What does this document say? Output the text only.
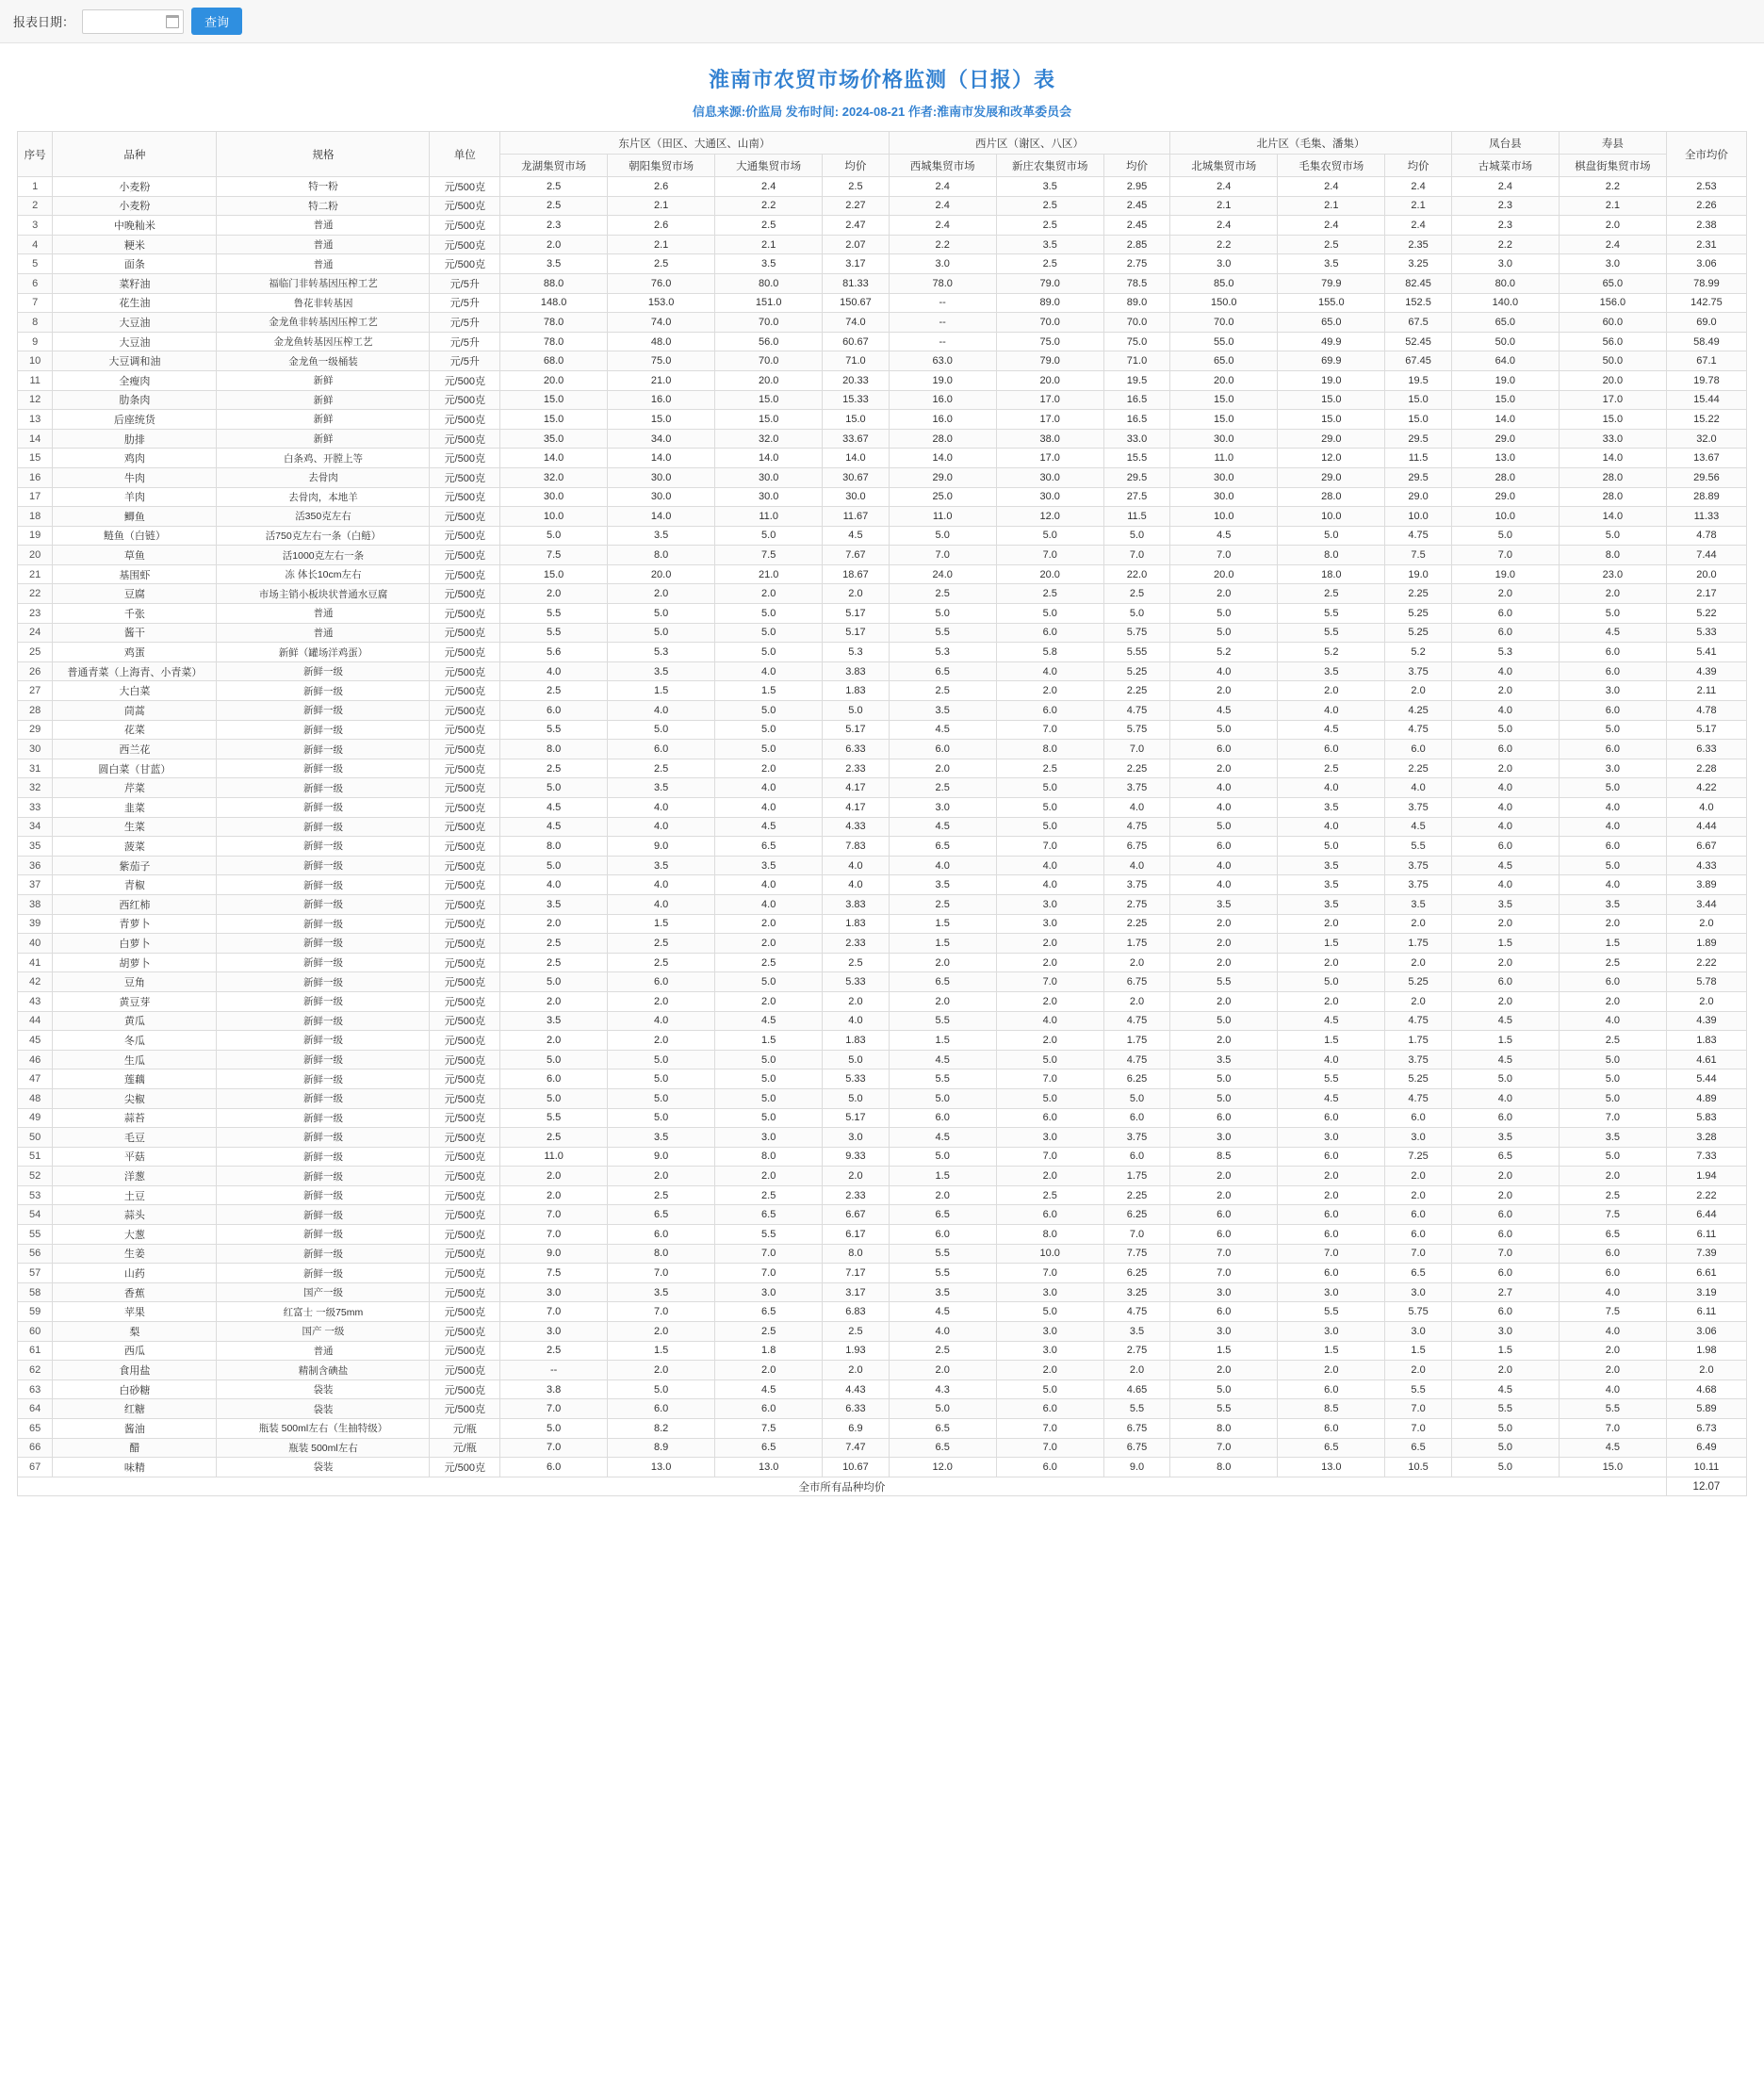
报表日期：	查询
淮南市农贸市场价格监测（日报）表
信息来源:价监局 发布时间: 2024-08-21 作者:淮南市发展和改革委员会
序号	品种	规格	单位	东片区（田区、大通区、山南）				西片区（谢区、八区）			北片区（毛集、潘集）			凤台县	寿县	全市均价
				龙湖集贸市场	朝阳集贸市场	大通集贸市场	均价	西城集贸市场	新庄农集贸市场	均价	北城集贸市场	毛集农贸市场	均价	古城菜市场	棋盘街集贸市场	
1	小麦粉	特一粉	元/500克	2.5	2.6	2.4	2.5	2.4	3.5	2.95	2.4	2.4	2.4	2.4	2.2	2.53
2	小麦粉	特二粉	元/500克	2.5	2.1	2.2	2.27	2.4	2.5	2.45	2.1	2.1	2.1	2.3	2.1	2.26
3	中晚籼米	普通	元/500克	2.3	2.6	2.5	2.47	2.4	2.5	2.45	2.4	2.4	2.4	2.3	2.0	2.38
4	粳米	普通	元/500克	2.0	2.1	2.1	2.07	2.2	3.5	2.85	2.2	2.5	2.35	2.2	2.4	2.31
5	面条	普通	元/500克	3.5	2.5	3.5	3.17	3.0	2.5	2.75	3.0	3.5	3.25	3.0	3.0	3.06
6	菜籽油	福临门非转基因压榨工艺	元/5升	88.0	76.0	80.0	81.33	78.0	79.0	78.5	85.0	79.9	82.45	80.0	65.0	78.99
7	花生油	鲁花非转基因	元/5升	148.0	153.0	151.0	150.67	--	89.0	89.0	150.0	155.0	152.5	140.0	156.0	142.75
8	大豆油	金龙鱼非转基因压榨工艺	元/5升	78.0	74.0	70.0	74.0	--	70.0	70.0	70.0	65.0	67.5	65.0	60.0	69.0
9	大豆油	金龙鱼转基因压榨工艺	元/5升	78.0	48.0	56.0	60.67	--	75.0	75.0	55.0	49.9	52.45	50.0	56.0	58.49
10	大豆调和油	金龙鱼一级桶装	元/5升	68.0	75.0	70.0	71.0	63.0	79.0	71.0	65.0	69.9	67.45	64.0	50.0	67.1
11	全瘦肉	新鲜	元/500克	20.0	21.0	20.0	20.33	19.0	20.0	19.5	20.0	19.0	19.5	19.0	20.0	19.78
12	肋条肉	新鲜	元/500克	15.0	16.0	15.0	15.33	16.0	17.0	16.5	15.0	15.0	15.0	15.0	17.0	15.44
13	后座统货	新鲜	元/500克	15.0	15.0	15.0	15.0	16.0	17.0	16.5	15.0	15.0	15.0	14.0	15.0	15.22
14	肋排	新鲜	元/500克	35.0	34.0	32.0	33.67	28.0	38.0	33.0	30.0	29.0	29.5	29.0	33.0	32.0
15	鸡肉	白条鸡、开膛上等	元/500克	14.0	14.0	14.0	14.0	14.0	17.0	15.5	11.0	12.0	11.5	13.0	14.0	13.67
16	牛肉	去骨肉	元/500克	32.0	30.0	30.0	30.67	29.0	30.0	29.5	30.0	29.0	29.5	28.0	28.0	29.56
17	羊肉	去骨肉，本地羊	元/500克	30.0	30.0	30.0	30.0	25.0	30.0	27.5	30.0	28.0	29.0	29.0	28.0	28.89
18	鲫鱼	活350克左右	元/500克	10.0	14.0	11.0	11.67	11.0	12.0	11.5	10.0	10.0	10.0	10.0	14.0	11.33
19	鲢鱼（白链）	活750克左右一条（白鲢）	元/500克	5.0	3.5	5.0	4.5	5.0	5.0	5.0	4.5	5.0	4.75	5.0	5.0	4.78
20	草鱼	活1000克左右一条	元/500克	7.5	8.0	7.5	7.67	7.0	7.0	7.0	7.0	8.0	7.5	7.0	8.0	7.44
21	基围虾	冻 体长10cm左右	元/500克	15.0	20.0	21.0	18.67	24.0	20.0	22.0	20.0	18.0	19.0	19.0	23.0	20.0
22	豆腐	市场主销小板块状普通水豆腐	元/500克	2.0	2.0	2.0	2.0	2.5	2.5	2.5	2.0	2.5	2.25	2.0	2.0	2.17
23	千张	普通	元/500克	5.5	5.0	5.0	5.17	5.0	5.0	5.0	5.0	5.5	5.25	6.0	5.0	5.22
24	酱干	普通	元/500克	5.5	5.0	5.0	5.17	5.5	6.0	5.75	5.0	5.5	5.25	6.0	4.5	5.33
25	鸡蛋	新鲜（罐场洋鸡蛋）	元/500克	5.6	5.3	5.0	5.3	5.3	5.8	5.55	5.2	5.2	5.2	5.3	6.0	5.41
26	普通青菜（上海青、小青菜）	新鲜一级	元/500克	4.0	3.5	4.0	3.83	6.5	4.0	5.25	4.0	3.5	3.75	4.0	6.0	4.39
27	大白菜	新鲜一级	元/500克	2.5	1.5	1.5	1.83	2.5	2.0	2.25	2.0	2.0	2.0	2.0	3.0	2.11
28	茼蒿	新鲜一级	元/500克	6.0	4.0	5.0	5.0	3.5	6.0	4.75	4.5	4.0	4.25	4.0	6.0	4.78
29	花菜	新鲜一级	元/500克	5.5	5.0	5.0	5.17	4.5	7.0	5.75	5.0	4.5	4.75	5.0	5.0	5.17
30	西兰花	新鲜一级	元/500克	8.0	6.0	5.0	6.33	6.0	8.0	7.0	6.0	6.0	6.0	6.0	6.0	6.33
31	圆白菜（甘蓝）	新鲜一级	元/500克	2.5	2.5	2.0	2.33	2.0	2.5	2.25	2.0	2.5	2.25	2.0	3.0	2.28
32	芹菜	新鲜一级	元/500克	5.0	3.5	4.0	4.17	2.5	5.0	3.75	4.0	4.0	4.0	4.0	5.0	4.22
33	韭菜	新鲜一级	元/500克	4.5	4.0	4.0	4.17	3.0	5.0	4.0	4.0	3.5	3.75	4.0	4.0	4.0
34	生菜	新鲜一级	元/500克	4.5	4.0	4.5	4.33	4.5	5.0	4.75	5.0	4.0	4.5	4.0	4.0	4.44
35	菠菜	新鲜一级	元/500克	8.0	9.0	6.5	7.83	6.5	7.0	6.75	6.0	5.0	5.5	6.0	6.0	6.67
36	紫茄子	新鲜一级	元/500克	5.0	3.5	3.5	4.0	4.0	4.0	4.0	4.0	3.5	3.75	4.5	5.0	4.33
37	青椒	新鲜一级	元/500克	4.0	4.0	4.0	4.0	3.5	4.0	3.75	4.0	3.5	3.75	4.0	4.0	3.89
38	西红柿	新鲜一级	元/500克	3.5	4.0	4.0	3.83	2.5	3.0	2.75	3.5	3.5	3.5	3.5	3.5	3.44
39	青萝卜	新鲜一级	元/500克	2.0	1.5	2.0	1.83	1.5	3.0	2.25	2.0	2.0	2.0	2.0	2.0	2.0
40	白萝卜	新鲜一级	元/500克	2.5	2.5	2.0	2.33	1.5	2.0	1.75	2.0	1.5	1.75	1.5	1.5	1.89
41	胡萝卜	新鲜一级	元/500克	2.5	2.5	2.5	2.5	2.0	2.0	2.0	2.0	2.0	2.0	2.0	2.5	2.22
42	豆角	新鲜一级	元/500克	5.0	6.0	5.0	5.33	6.5	7.0	6.75	5.5	5.0	5.25	6.0	6.0	5.78
43	黄豆芽	新鲜一级	元/500克	2.0	2.0	2.0	2.0	2.0	2.0	2.0	2.0	2.0	2.0	2.0	2.0	2.0
44	黄瓜	新鲜一级	元/500克	3.5	4.0	4.5	4.0	5.5	4.0	4.75	5.0	4.5	4.75	4.5	4.0	4.39
45	冬瓜	新鲜一级	元/500克	2.0	2.0	1.5	1.83	1.5	2.0	1.75	2.0	1.5	1.75	1.5	2.5	1.83
46	生瓜	新鲜一级	元/500克	5.0	5.0	5.0	5.0	4.5	5.0	4.75	3.5	4.0	3.75	4.5	5.0	4.61
47	莲藕	新鲜一级	元/500克	6.0	5.0	5.0	5.33	5.5	7.0	6.25	5.0	5.5	5.25	5.0	5.0	5.44
48	尖椒	新鲜一级	元/500克	5.0	5.0	5.0	5.0	5.0	5.0	5.0	5.0	4.5	4.75	4.0	5.0	4.89
49	蒜苔	新鲜一级	元/500克	5.5	5.0	5.0	5.17	6.0	6.0	6.0	6.0	6.0	6.0	6.0	7.0	5.83
50	毛豆	新鲜一级	元/500克	2.5	3.5	3.0	3.0	4.5	3.0	3.75	3.0	3.0	3.0	3.5	3.5	3.28
51	平菇	新鲜一级	元/500克	11.0	9.0	8.0	9.33	5.0	7.0	6.0	8.5	6.0	7.25	6.5	5.0	7.33
52	洋葱	新鲜一级	元/500克	2.0	2.0	2.0	2.0	1.5	2.0	1.75	2.0	2.0	2.0	2.0	2.0	1.94
53	土豆	新鲜一级	元/500克	2.0	2.5	2.5	2.33	2.0	2.5	2.25	2.0	2.0	2.0	2.0	2.5	2.22
54	蒜头	新鲜一级	元/500克	7.0	6.5	6.5	6.67	6.5	6.0	6.25	6.0	6.0	6.0	6.0	7.5	6.44
55	大葱	新鲜一级	元/500克	7.0	6.0	5.5	6.17	6.0	8.0	7.0	6.0	6.0	6.0	6.0	6.5	6.11
56	生姜	新鲜一级	元/500克	9.0	8.0	7.0	8.0	5.5	10.0	7.75	7.0	7.0	7.0	7.0	6.0	7.39
57	山药	新鲜一级	元/500克	7.5	7.0	7.0	7.17	5.5	7.0	6.25	7.0	6.0	6.5	6.0	6.0	6.61
58	香蕉	国产一级	元/500克	3.0	3.5	3.0	3.17	3.5	3.0	3.25	3.0	3.0	3.0	2.7	4.0	3.19
59	苹果	红富士 一级75mm	元/500克	7.0	7.0	6.5	6.83	4.5	5.0	4.75	6.0	5.5	5.75	6.0	7.5	6.11
60	梨	国产 一级	元/500克	3.0	2.0	2.5	2.5	4.0	3.0	3.5	3.0	3.0	3.0	3.0	4.0	3.06
61	西瓜	普通	元/500克	2.5	1.5	1.8	1.93	2.5	3.0	2.75	1.5	1.5	1.5	1.5	2.0	1.98
62	食用盐	精制含碘盐	元/500克	--	2.0	2.0	2.0	2.0	2.0	2.0	2.0	2.0	2.0	2.0	2.0	2.0
63	白砂糖	袋装	元/500克	3.8	5.0	4.5	4.43	4.3	5.0	4.65	5.0	6.0	5.5	4.5	4.0	4.68
64	红糖	袋装	元/500克	7.0	6.0	6.0	6.33	5.0	6.0	5.5	5.5	8.5	7.0	5.5	5.5	5.89
65	酱油	瓶装 500ml左右（生抽特级）	元/瓶	5.0	8.2	7.5	6.9	6.5	7.0	6.75	8.0	6.0	7.0	5.0	7.0	6.73
66	醋	瓶装 500ml左右	元/瓶	7.0	8.9	6.5	7.47	6.5	7.0	6.75	7.0	6.5	6.5	5.0	4.5	6.49
67	味精	袋装	元/500克	6.0	13.0	13.0	10.67	12.0	6.0	9.0	8.0	13.0	10.5	5.0	15.0	10.11
全市所有品种均价																12.07
